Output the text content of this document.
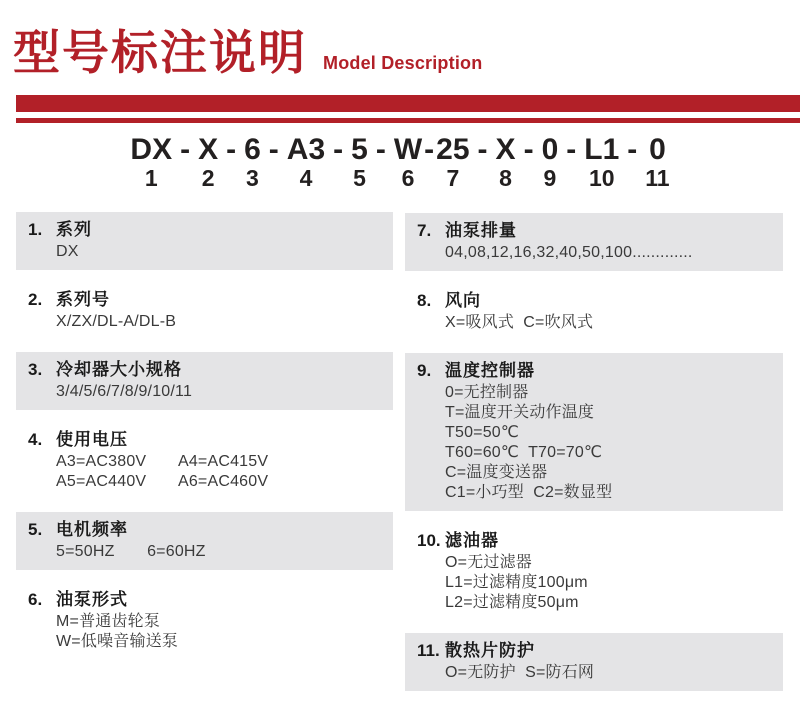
型号标注说明 Model Description
DX
1
- X
2
- 6
3
- A3
4
- 5
5
- W
6
- 25
7
- X
8
- 0
9
- L1
10
- 0
11
1. 系列
DX
2. 系列号
X/ZX/DL-A/DL-B
3. 冷却器大小规格
3/4/5/6/7/8/9/10/11
4. 使用电压
A3=AC380V       A4=AC415V
A5=AC440V       A6=AC460V
5. 电机频率
5=50HZ       6=60HZ
6. 油泵形式
M=普通齿轮泵
W=低噪音输送泵
7. 油泵排量
04,08,12,16,32,40,50,100.............
8. 风向
X=吸风式  C=吹风式
9. 温度控制器
0=无控制器
T=温度开关动作温度
T50=50℃
T60=60℃  T70=70℃
C=温度变送器
C1=小巧型  C2=数显型
10. 滤油器
O=无过滤器
L1=过滤精度100μm
L2=过滤精度50μm
11. 散热片防护
O=无防护  S=防石网
